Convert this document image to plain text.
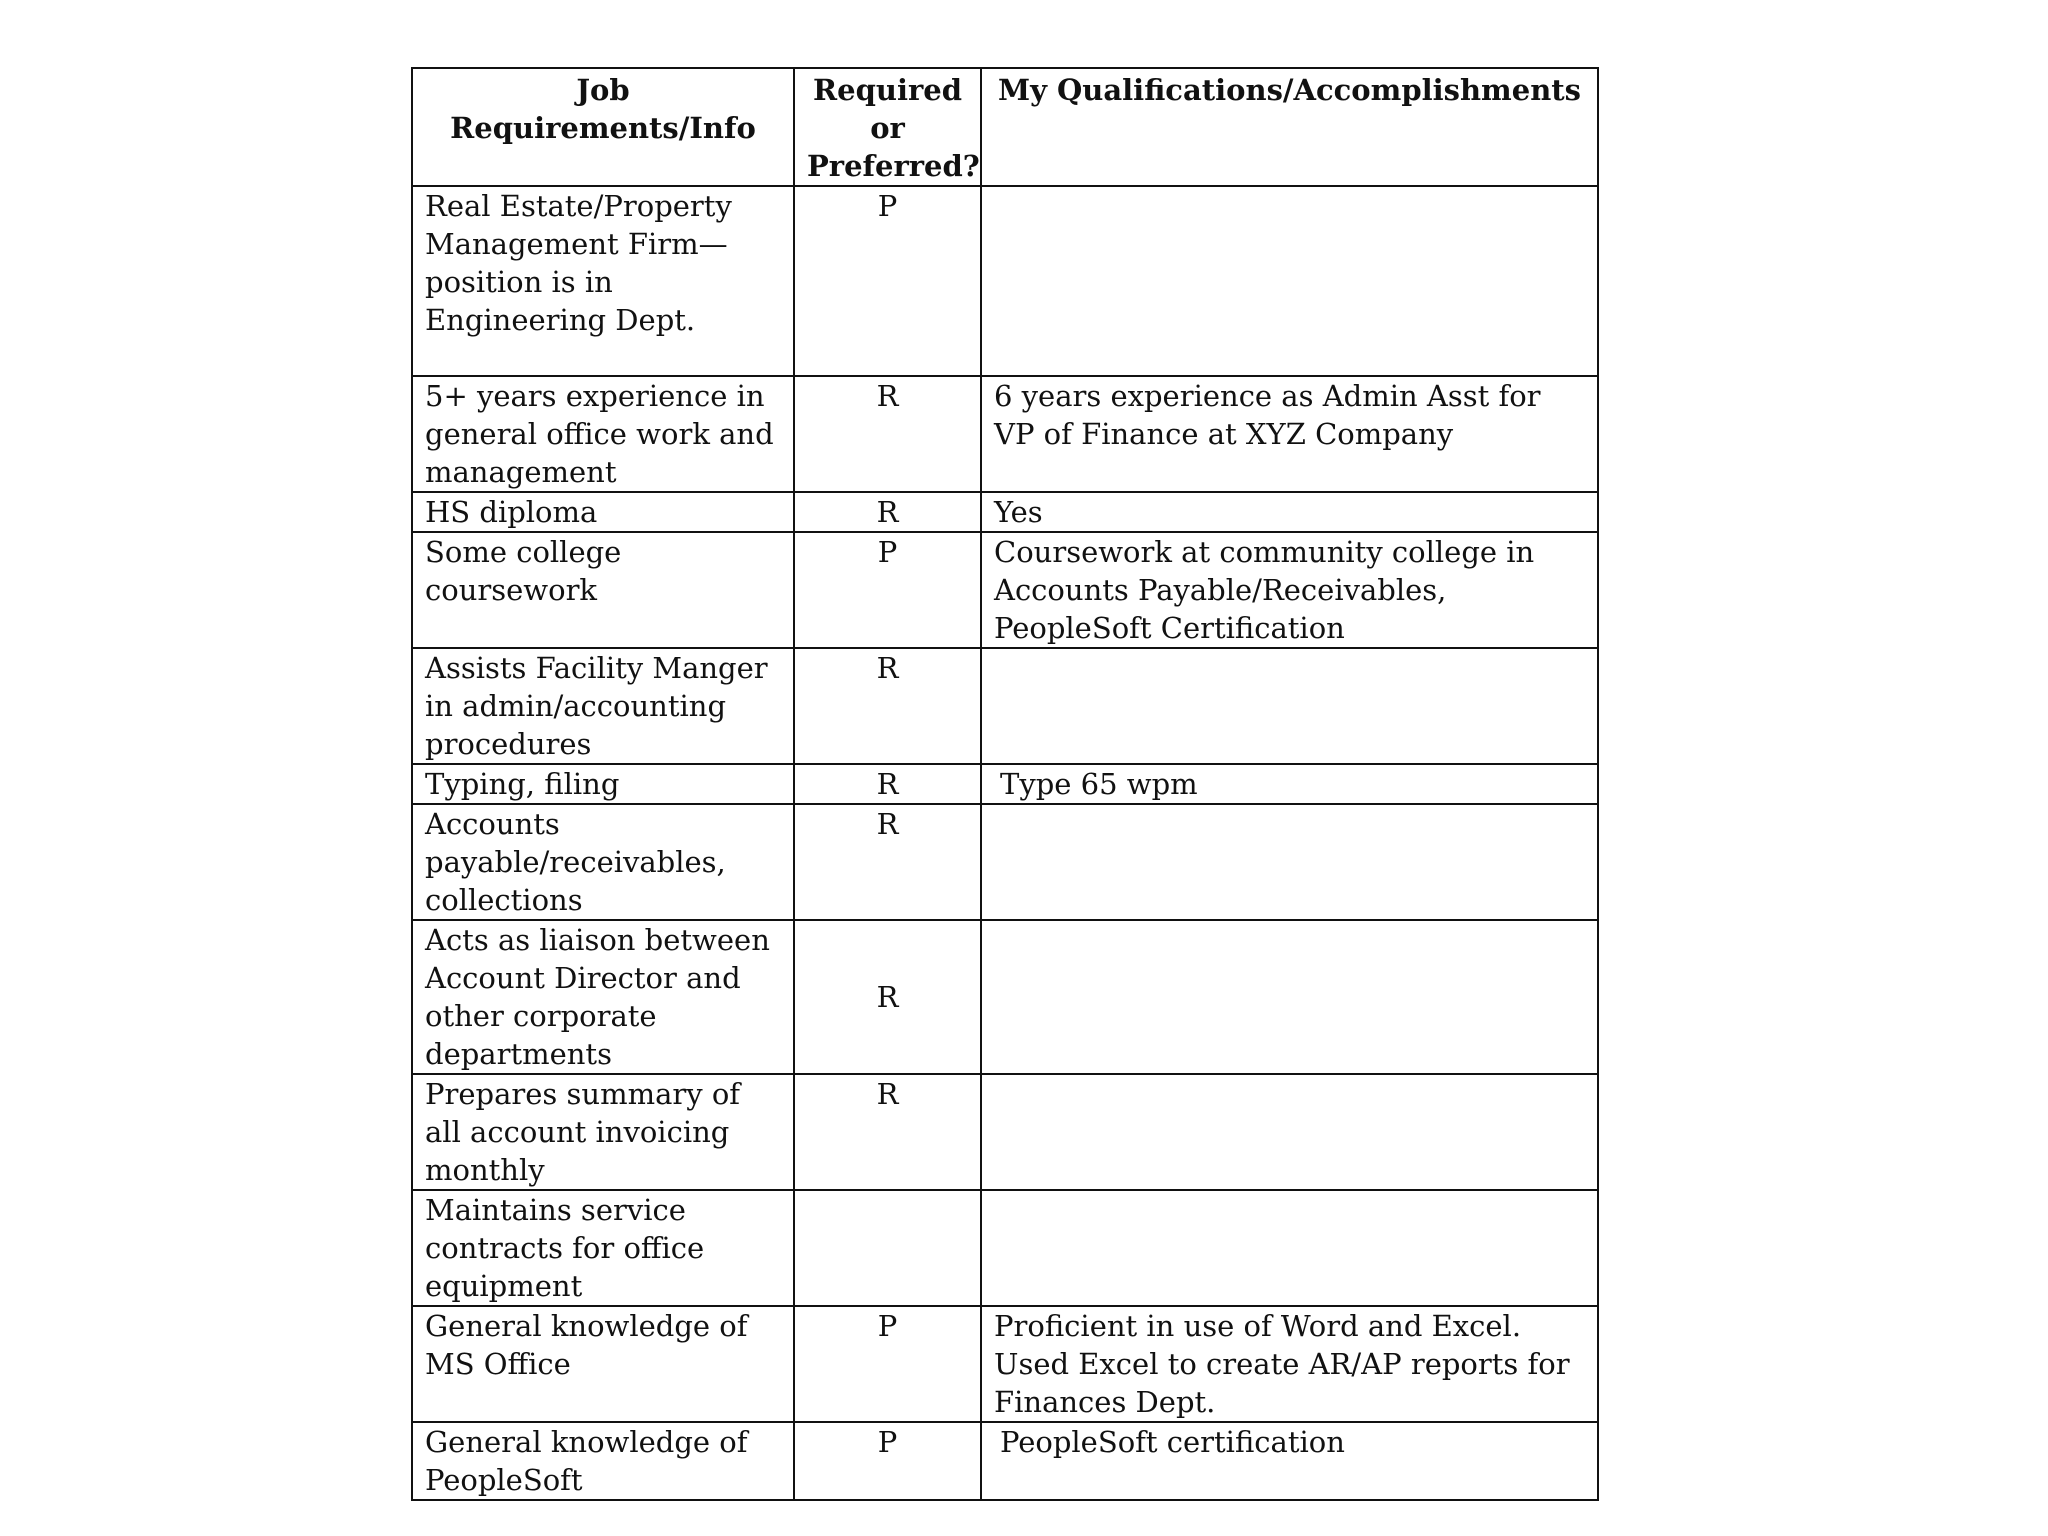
Job Requirements/Info	Required or Preferred?	My Qualifications/Accomplishments
Real Estate/Property Management Firm—position is in Engineering Dept.	P	
5+ years experience in general office work and management	R	6 years experience as Admin Asst for VP of Finance at XYZ Company
HS diploma	R	Yes
Some college coursework	P	Coursework at community college in Accounts Payable/Receivables, PeopleSoft Certification
Assists Facility Manger in admin/accounting procedures	R	
Typing, filing	R	Type 65 wpm
Accounts payable/receivables, collections	R	
Acts as liaison between Account Director and other corporate departments	R	
Prepares summary of all account invoicing monthly	R	
Maintains service contracts for office equipment		
General knowledge of MS Office	P	Proficient in use of Word and Excel. Used Excel to create AR/AP reports for Finances Dept.
General knowledge of PeopleSoft	P	PeopleSoft certification
